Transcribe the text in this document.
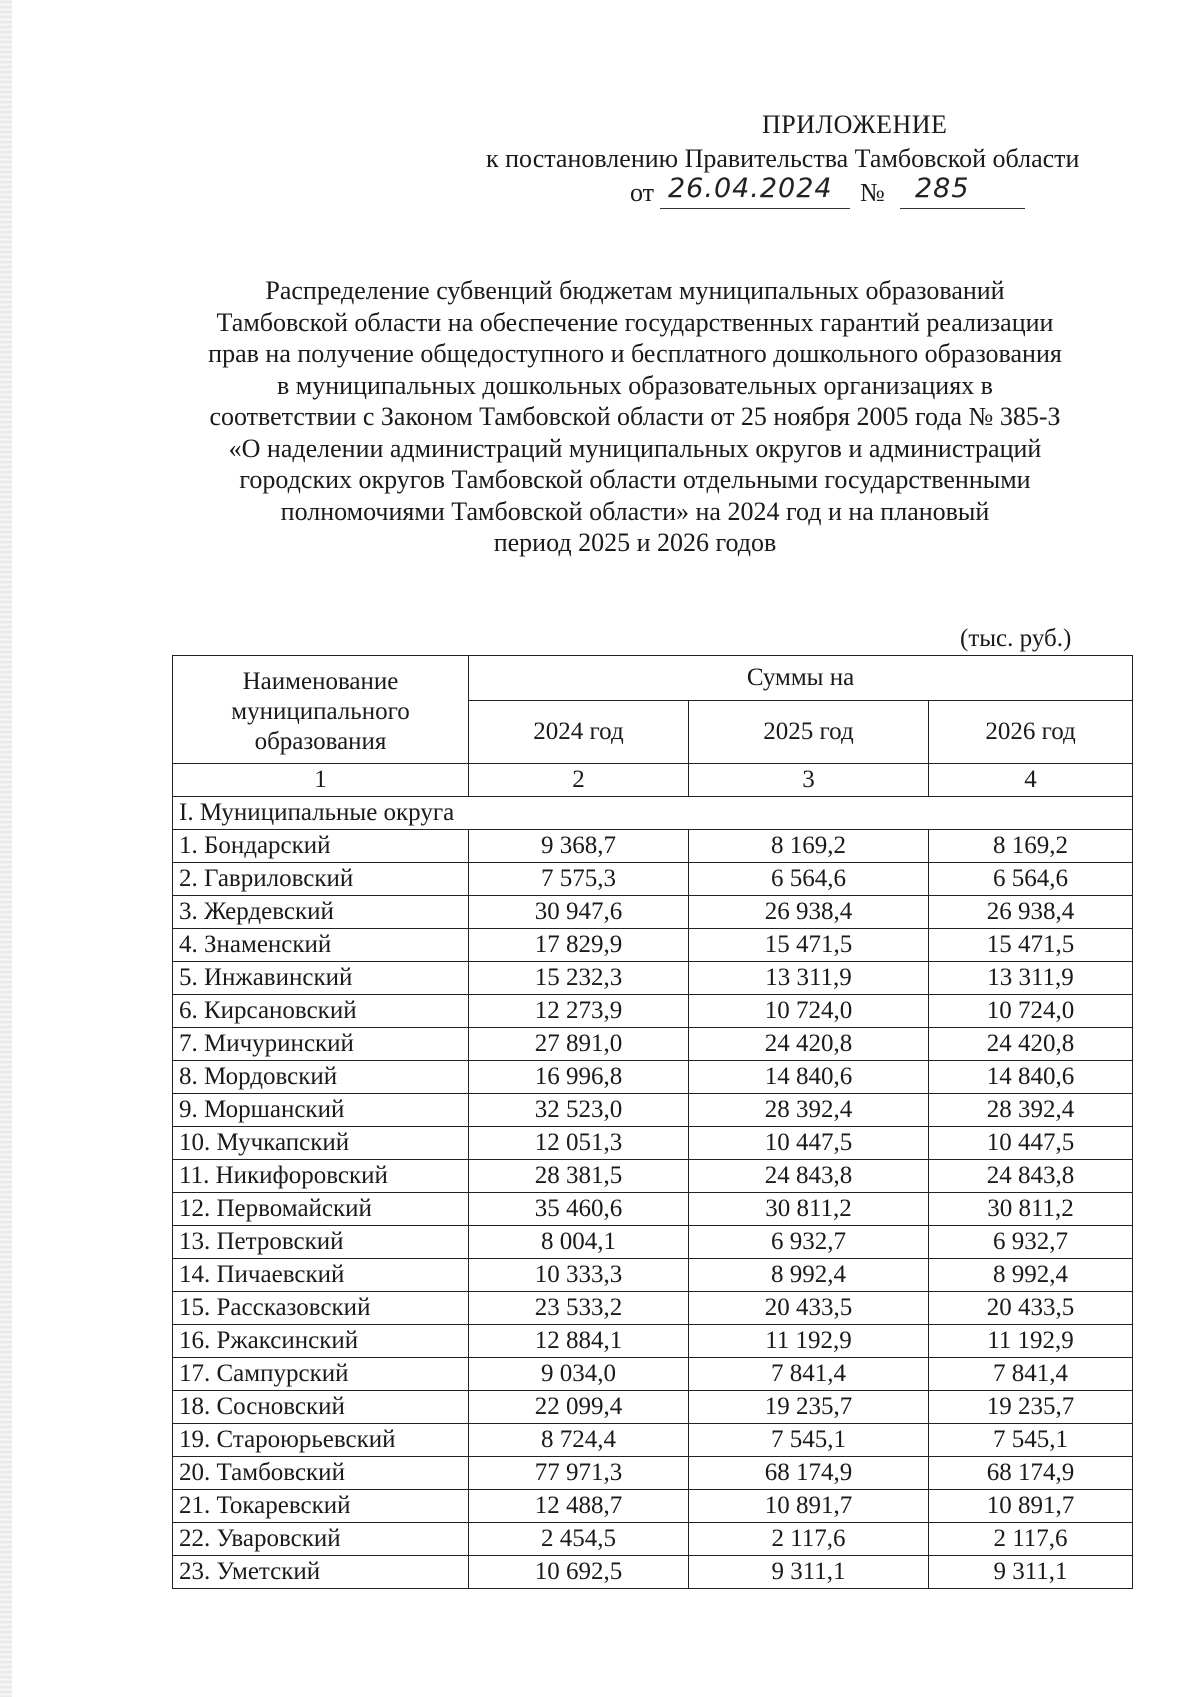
ПРИЛОЖЕНИЕ
к постановлению Правительства Тамбовской области
от 26.04.2024 № 285
Распределение субвенций бюджетам муниципальных образований
Тамбовской области на обеспечение государственных гарантий реализации
прав на получение общедоступного и бесплатного дошкольного образования
в муниципальных дошкольных образовательных организациях в
соответствии с Законом Тамбовской области от 25 ноября 2005 года № 385-З
«О наделении администраций муниципальных округов и администраций
городских округов Тамбовской области отдельными государственными
полномочиями Тамбовской области» на 2024 год и на плановый
период 2025 и 2026 годов
(тыс. руб.)
Наименование муниципального образования	Суммы на		
	2024 год	2025 год	2026 год
1	2	3	4
I. Муниципальные округа			
1. Бондарский	9 368,7	8 169,2	8 169,2
2. Гавриловский	7 575,3	6 564,6	6 564,6
3. Жердевский	30 947,6	26 938,4	26 938,4
4. Знаменский	17 829,9	15 471,5	15 471,5
5. Инжавинский	15 232,3	13 311,9	13 311,9
6. Кирсановский	12 273,9	10 724,0	10 724,0
7. Мичуринский	27 891,0	24 420,8	24 420,8
8. Мордовский	16 996,8	14 840,6	14 840,6
9. Моршанский	32 523,0	28 392,4	28 392,4
10. Мучкапский	12 051,3	10 447,5	10 447,5
11. Никифоровский	28 381,5	24 843,8	24 843,8
12. Первомайский	35 460,6	30 811,2	30 811,2
13. Петровский	8 004,1	6 932,7	6 932,7
14. Пичаевский	10 333,3	8 992,4	8 992,4
15. Рассказовский	23 533,2	20 433,5	20 433,5
16. Ржаксинский	12 884,1	11 192,9	11 192,9
17. Сампурский	9 034,0	7 841,4	7 841,4
18. Сосновский	22 099,4	19 235,7	19 235,7
19. Староюрьевский	8 724,4	7 545,1	7 545,1
20. Тамбовский	77 971,3	68 174,9	68 174,9
21. Токаревский	12 488,7	10 891,7	10 891,7
22. Уваровский	2 454,5	2 117,6	2 117,6
23. Уметский	10 692,5	9 311,1	9 311,1
